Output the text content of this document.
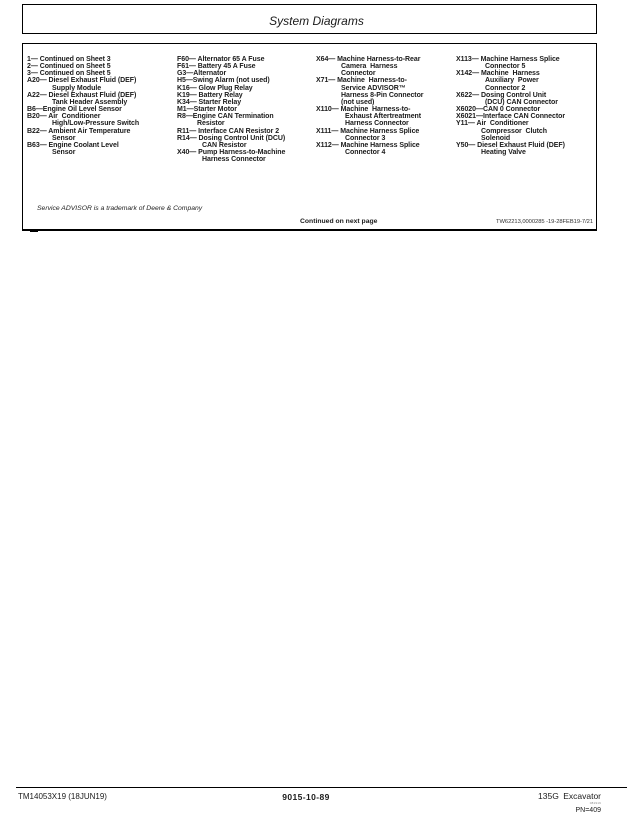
System Diagrams
1— Continued on Sheet 3
2— Continued on Sheet 5
3— Continued on Sheet 5
A20— Diesel Exhaust Fluid (DEF)
Supply Module
A22— Diesel Exhaust Fluid (DEF)
Tank Header Assembly
B6—Engine Oil Level Sensor
B20— Air  Conditioner
High/Low-Pressure Switch
B22— Ambient Air Temperature
Sensor
B63— Engine Coolant Level
Sensor
F60— Alternator 65 A Fuse
F61— Battery 45 A Fuse
G3—Alternator
H5—Swing Alarm (not used)
K16— Glow Plug Relay
K19— Battery Relay
K34— Starter Relay
M1—Starter Motor
R8—Engine CAN Termination
Resistor
R11— Interface CAN Resistor 2
R14— Dosing Control Unit (DCU)
CAN Resistor
X40— Pump Harness-to-Machine
Harness Connector
X64— Machine Harness-to-Rear
Camera  Harness
Connector
X71— Machine  Harness-to-
Service ADVISOR™
Harness 8-Pin Connector
(not used)
X110— Machine  Harness-to-
Exhaust Aftertreatment
Harness Connector
X111— Machine Harness Splice
Connector 3
X112— Machine Harness Splice
Connector 4
X113— Machine Harness Splice
Connector 5
X142— Machine  Harness
Auxiliary  Power
Connector 2
X622— Dosing Control Unit
(DCU) CAN Connector
X6020—CAN 0 Connector
X6021—Interface CAN Connector
Y11— Air  Conditioner
Compressor  Clutch
Solenoid
Y50— Diesel Exhaust Fluid (DEF)
Heating Valve
Service ADVISOR is a trademark of Deere & Company
Continued on next page	TW62213,0000285 -19-28FEB19-7/21
TM14053X19 (18JUN19)	9015-10-89	135G Excavator
081919
PN=409
